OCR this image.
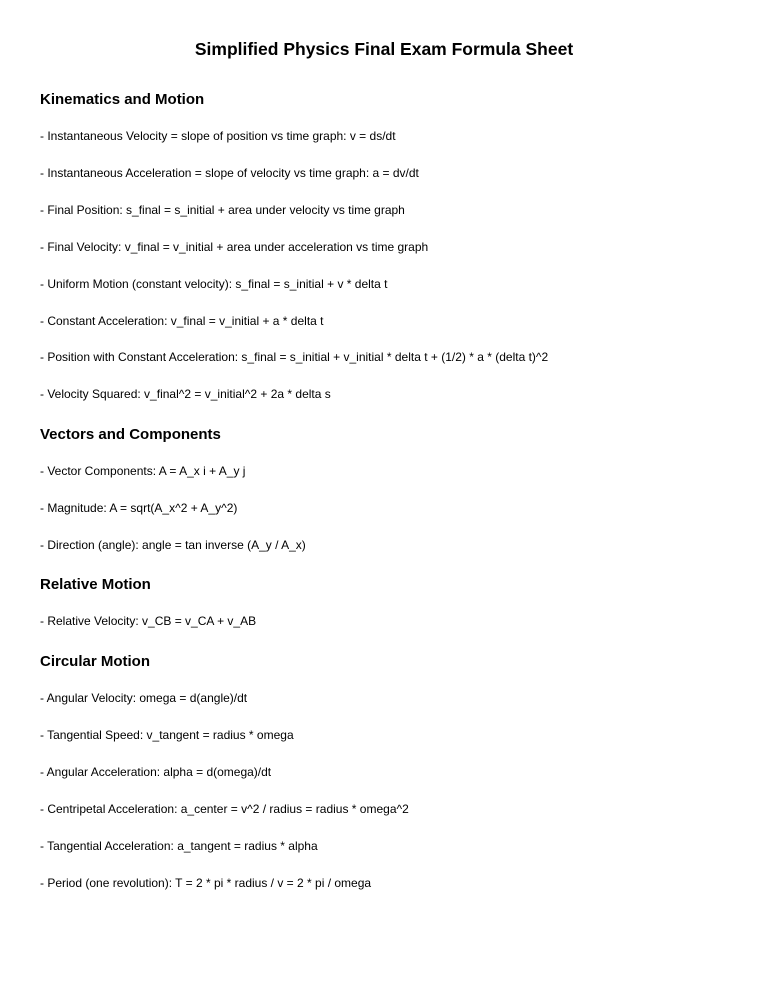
Simplified Physics Final Exam Formula Sheet
Kinematics and Motion

- Instantaneous Velocity = slope of position vs time graph: v = ds/dt

- Instantaneous Acceleration = slope of velocity vs time graph: a = dv/dt

- Final Position: s_final = s_initial + area under velocity vs time graph

- Final Velocity: v_final = v_initial + area under acceleration vs time graph

- Uniform Motion (constant velocity): s_final = s_initial + v * delta t

- Constant Acceleration: v_final = v_initial + a * delta t

- Position with Constant Acceleration: s_final = s_initial + v_initial * delta t + (1/2) * a * (delta t)^2

- Velocity Squared: v_final^2 = v_initial^2 + 2a * delta s

Vectors and Components

- Vector Components: A = A_x i + A_y j

- Magnitude: A = sqrt(A_x^2 + A_y^2)

- Direction (angle): angle = tan inverse (A_y / A_x)

Relative Motion

- Relative Velocity: v_CB = v_CA + v_AB

Circular Motion

- Angular Velocity: omega = d(angle)/dt

- Tangential Speed: v_tangent = radius * omega

- Angular Acceleration: alpha = d(omega)/dt

- Centripetal Acceleration: a_center = v^2 / radius = radius * omega^2

- Tangential Acceleration: a_tangent = radius * alpha

- Period (one revolution): T = 2 * pi * radius / v = 2 * pi / omega
